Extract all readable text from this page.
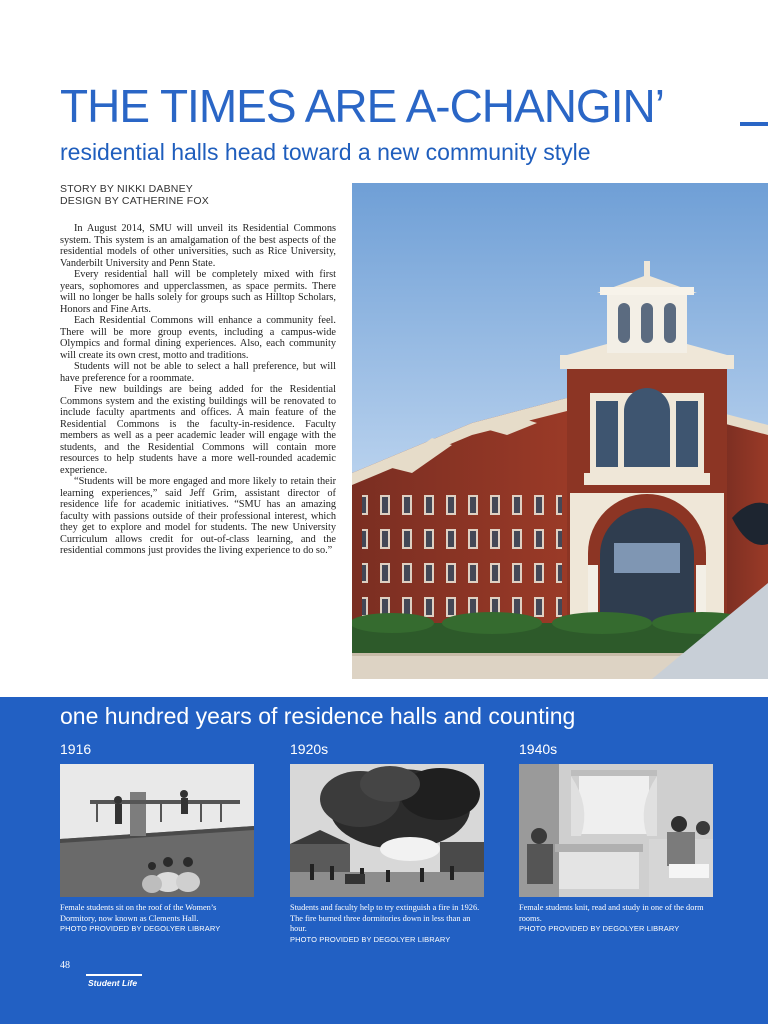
THE TIMES ARE A-CHANGIN’
residential halls head toward a new community style
STORY BY NIKKI DABNEY
DESIGN BY CATHERINE FOX

In August 2014, SMU will unveil its Residential Commons system. This system is an amalgamation of the best aspects of the residential models of other universities, such as Rice University, Vanderbilt University and Penn State.

Every residential hall will be completely mixed with first years, sophomores and upperclassmen, as space permits. There will no longer be halls solely for groups such as Hilltop Scholars, Honors and Fine Arts.

Each Residential Commons will enhance a community feel. There will be more group events, including a campus-wide Olympics and formal dining experiences. Also, each community will create its own crest, motto and traditions.

Students will not be able to select a hall preference, but will have preference for a roommate.

Five new buildings are being added for the Residential Commons system and the existing buildings will be renovated to include faculty apartments and offices. A main feature of the Residential Commons is the faculty-in-residence. Faculty members as well as a peer academic leader will engage with the students, and the Residential Commons will contain more resources to help students have a more well-rounded academic experience.

“Students will be more engaged and more likely to retain their learning experiences,” said Jeff Grim, assistant director of residence life for academic initiatives. “SMU has an amazing faculty with passions outside of their professional interest, which they get to explore and model for students. The new University Curriculum allows credit for out-of-class learning, and the residential commons just provides the living experience to do so.”

one hundred years of residence halls and counting
1916
Female students sit on the roof of the Women’s Dormitory, now known as Clements Hall.
PHOTO PROVIDED BY DEGOLYER LIBRARY
1920s
Students and faculty help to try extinguish a fire in 1926. The fire burned three dormitories down in less than an hour.
PHOTO PROVIDED BY DEGOLYER LIBRARY
1940s
Female students knit, read and study in one of the dorm rooms.
PHOTO PROVIDED BY DEGOLYER LIBRARY
48
Student Life
